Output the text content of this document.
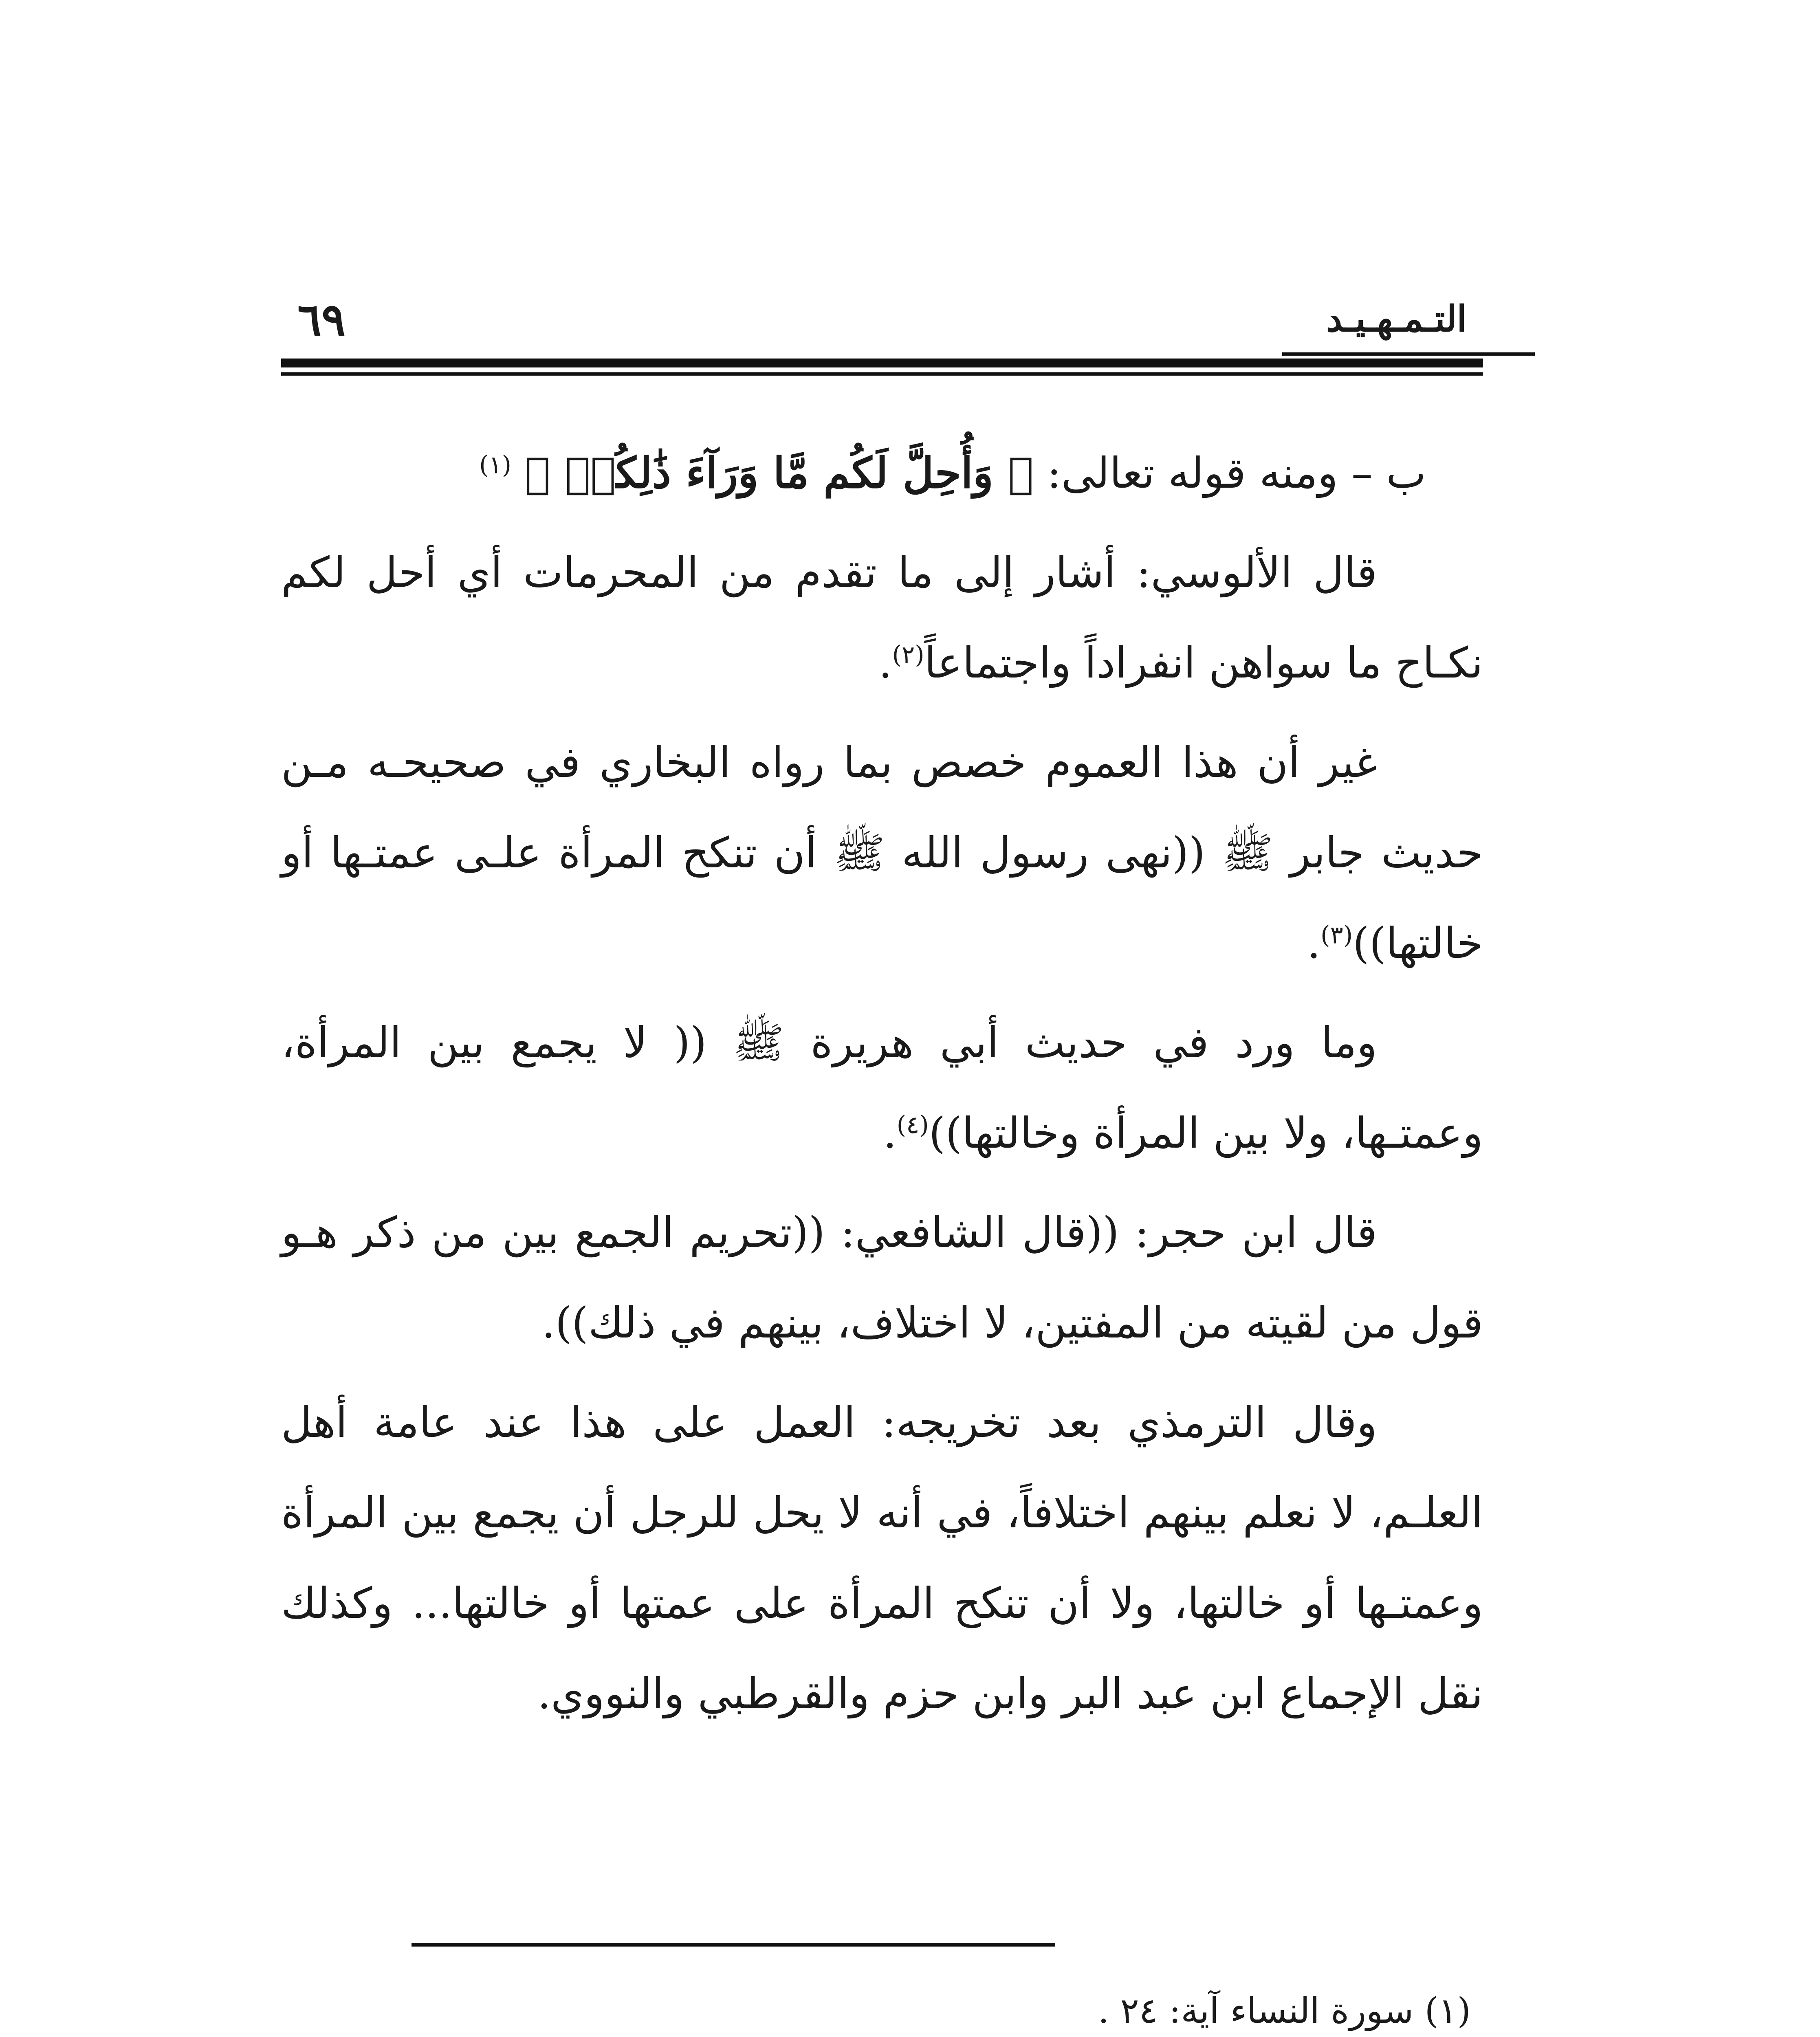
التـمـهـيـد
٦٩

ب – ومنه قوله تعالى: ﴿ وَأُحِلَّ لَكُم مَّا وَرَآءَ ذَٰلِكُمۡ ﴾ $^{(١)}$

قال الألوسي: أشار إلى ما تقدم من المحرمات أي أحل لكم نكـاح ما سواهن انفراداً واجتماعاً$^{(٢)}$.

غير أن هذا العموم خصص بما رواه البخاري في صحيحـه مـن حديث جابر ﷺ ((نهى رسول الله ﷺ أن تنكح المرأة علـى عمتـها أو خالتها))$^{(٣)}$.

وما ورد في حديث أبي هريرة ﷺ (( لا يجمع بين المرأة، وعمتـها، ولا بين المرأة وخالتها))$^{(٤)}$.

قال ابن حجر: ((قال الشافعي: ((تحريم الجمع بين من ذكر هـو قول من لقيته من المفتين، لا اختلاف، بينهم في ذلك)).

وقال الترمذي بعد تخريجه: العمل على هذا عند عامة أهل العلـم، لا نعلم بينهم اختلافاً، في أنه لا يحل للرجل أن يجمع بين المرأة وعمتـها أو خالتها، ولا أن تنكح المرأة على عمتها أو خالتها... وكذلك نقل الإجماع ابن عبد البر وابن حزم والقرطبي والنووي.

(١) سورة النساء آية: ٢٤ .
